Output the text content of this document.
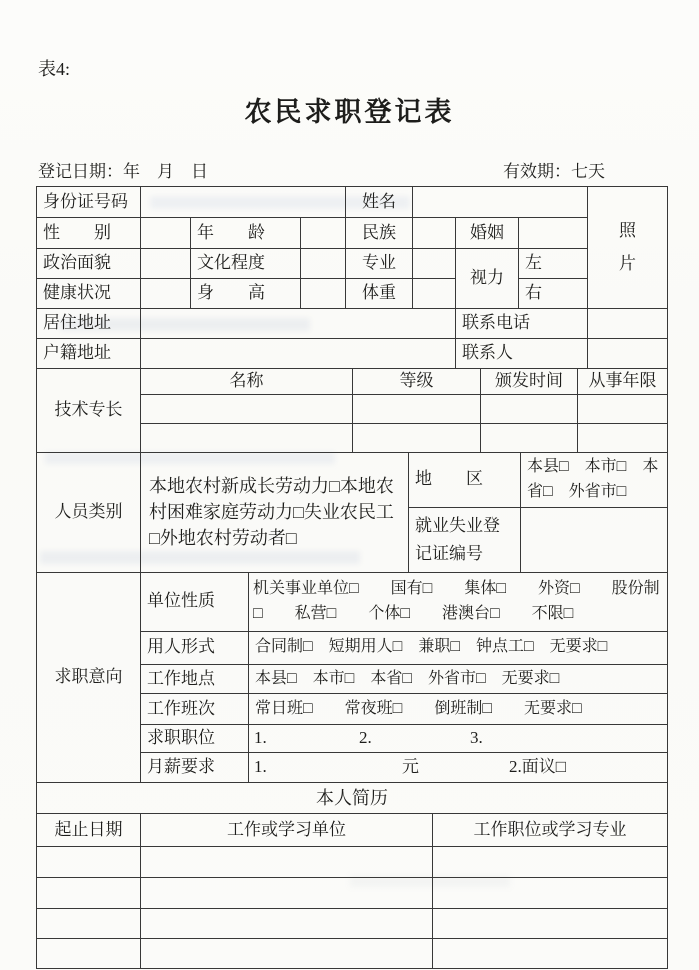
表4:
农民求职登记表
登记日期：年　月　日	有效期：七天
身份证号码				姓名				照片
性　　别		年　　龄		民族		婚姻		
政治面貌		文化程度		专业		视力	左	
健康状况		身　　高		体重			右	
居住地址						联系电话		
户籍地址						联系人		
技术专长	名称	等级	颁发时间	从事年限

人员类别	本地农村新成长劳动力□本地农村困难家庭劳动力□失业农民工□外地农村劳动者□	地　　区	本县□　本市□　本省□　外省市□
		就业失业登记证编号	
求职意向	单位性质	机关事业单位□　　国有□　　集体□　　外资□　　股份制□　　私营□　　个体□　　港澳台□　　不限□
	用人形式	合同制□　短期用人□　兼职□　钟点工□　无要求□
	工作地点	本县□　本市□　本省□　外省市□　无要求□
	工作班次	常日班□　　常夜班□　　倒班制□　　无要求□
	求职职位	1. 2. 3.
	月薪要求	1. 元 2.面议□
本人简历		
起止日期	工作或学习单位	工作职位或学习专业
